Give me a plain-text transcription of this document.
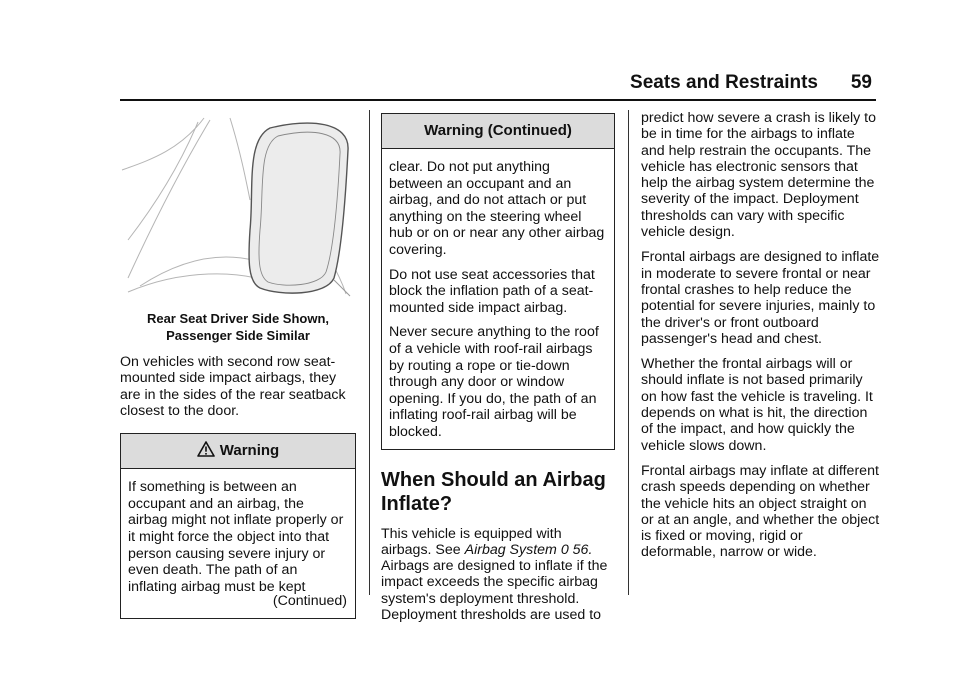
Seats and Restraints 59
Rear Seat Driver Side Shown,
Passenger Side Similar

On vehicles with second row seat-mounted side impact airbags, they are in the sides of the rear seatback closest to the door.

Warning
If something is between an occupant and an airbag, the airbag might not inflate properly or it might force the object into that person causing severe injury or even death. The path of an inflating airbag must be kept
(Continued)
Warning (Continued)

clear. Do not put anything between an occupant and an airbag, and do not attach or put anything on the steering wheel hub or on or near any other airbag covering.

Do not use seat accessories that block the inflation path of a seat-mounted side impact airbag.

Never secure anything to the roof of a vehicle with roof-rail airbags by routing a rope or tie-down through any door or window opening. If you do, the path of an inflating roof-rail airbag will be blocked.

When Should an Airbag Inflate?

This vehicle is equipped with airbags. See Airbag System 0 56. Airbags are designed to inflate if the impact exceeds the specific airbag system's deployment threshold. Deployment thresholds are used to

predict how severe a crash is likely to be in time for the airbags to inflate and help restrain the occupants. The vehicle has electronic sensors that help the airbag system determine the severity of the impact. Deployment thresholds can vary with specific vehicle design.

Frontal airbags are designed to inflate in moderate to severe frontal or near frontal crashes to help reduce the potential for severe injuries, mainly to the driver's or front outboard passenger's head and chest.

Whether the frontal airbags will or should inflate is not based primarily on how fast the vehicle is traveling. It depends on what is hit, the direction of the impact, and how quickly the vehicle slows down.

Frontal airbags may inflate at different crash speeds depending on whether the vehicle hits an object straight on or at an angle, and whether the object is fixed or moving, rigid or deformable, narrow or wide.
